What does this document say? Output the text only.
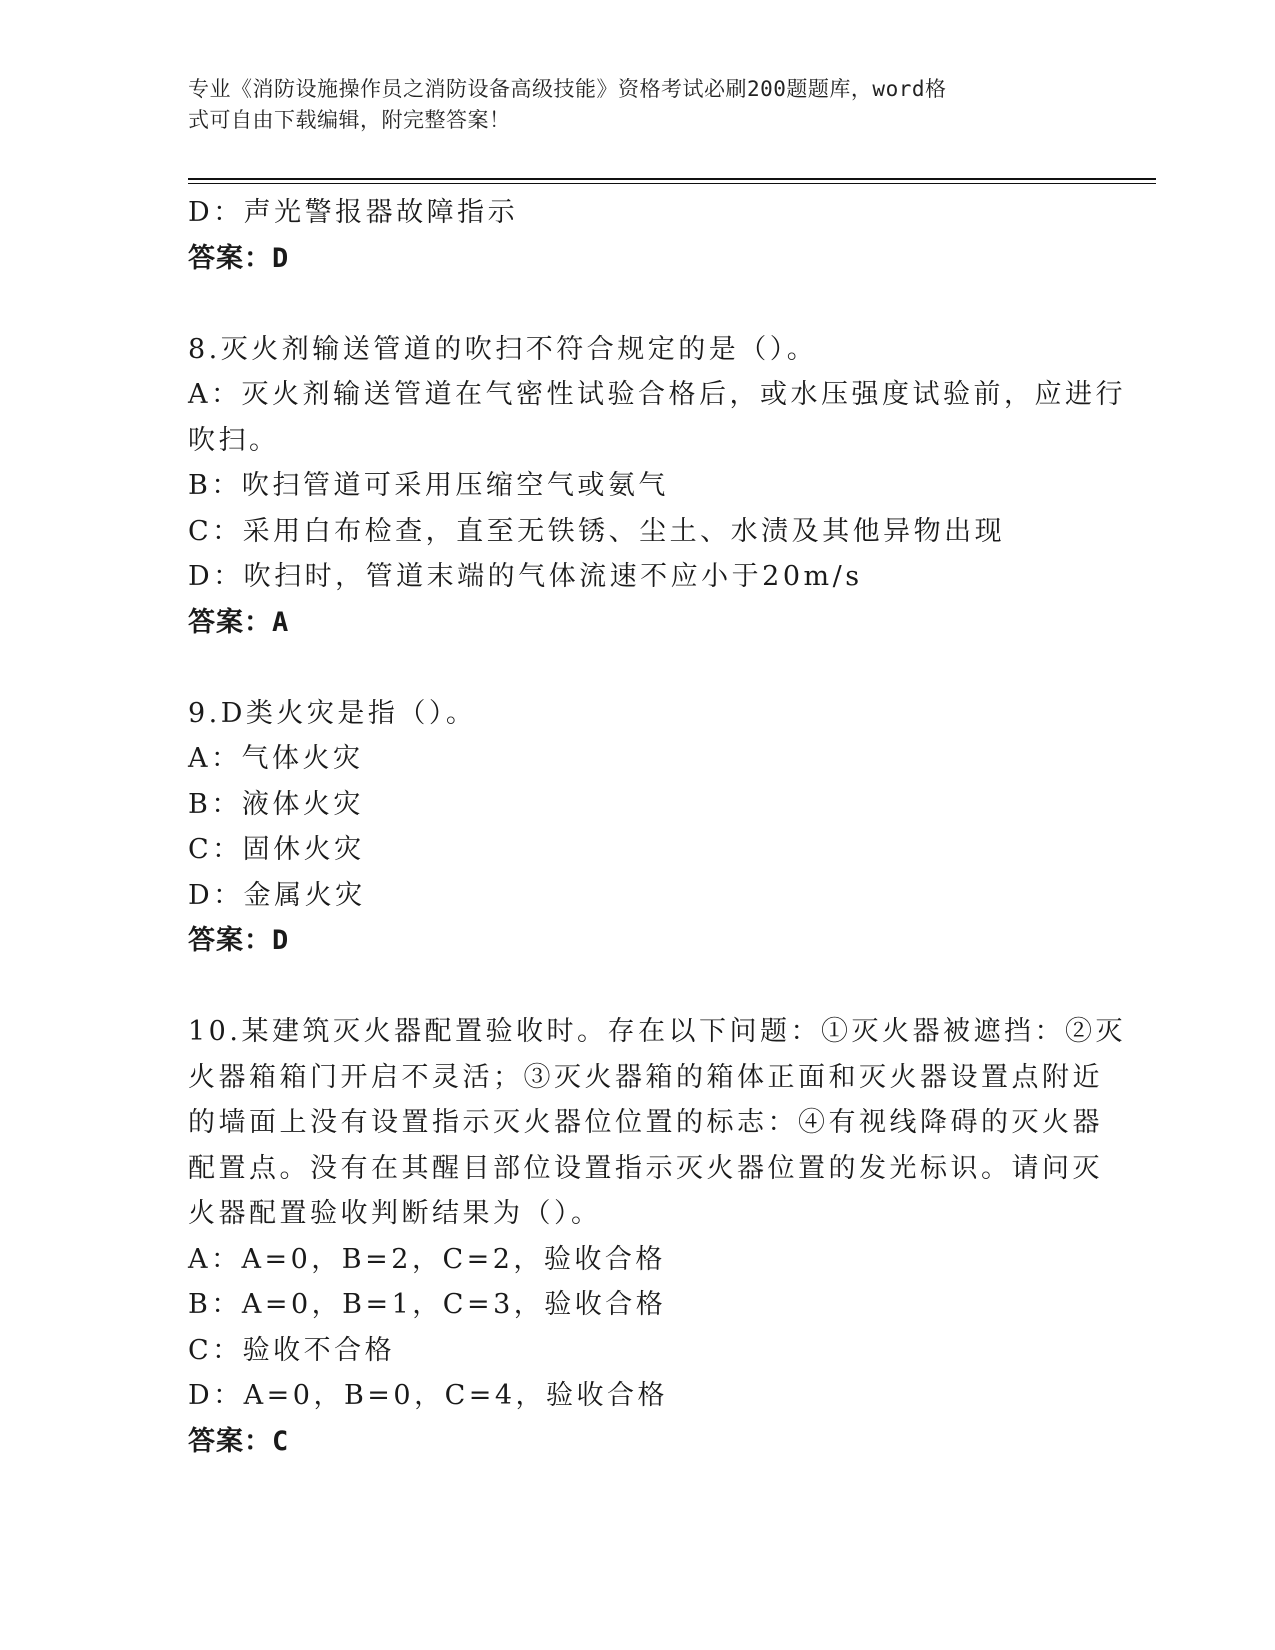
专业《消防设施操作员之消防设备高级技能》资格考试必刷200题题库，word格
式可自由下载编辑，附完整答案！
D：声光警报器故障指示
答案：D
8.灭火剂输送管道的吹扫不符合规定的是（）。
A：灭火剂输送管道在气密性试验合格后，或水压强度试验前，应进行
吹扫。
B：吹扫管道可采用压缩空气或氨气
C：采用白布检查，直至无铁锈、尘土、水渍及其他异物出现
D：吹扫时，管道末端的气体流速不应小于20m/s
答案：A
9.D类火灾是指（）。
A：气体火灾
B：液体火灾
C：固休火灾
D：金属火灾
答案：D
10.某建筑灭火器配置验收时。存在以下问题：①灭火器被遮挡：②灭
火器箱箱门开启不灵活；③灭火器箱的箱体正面和灭火器设置点附近
的墙面上没有设置指示灭火器位位置的标志：④有视线降碍的灭火器
配置点。没有在其醒目部位设置指示灭火器位置的发光标识。请问灭
火器配置验收判断结果为（）。
A：A=0，B=2，C=2，验收合格
B：A=0，B=1，C=3，验收合格
C：验收不合格
D：A=0，B=0，C=4，验收合格
答案：C
